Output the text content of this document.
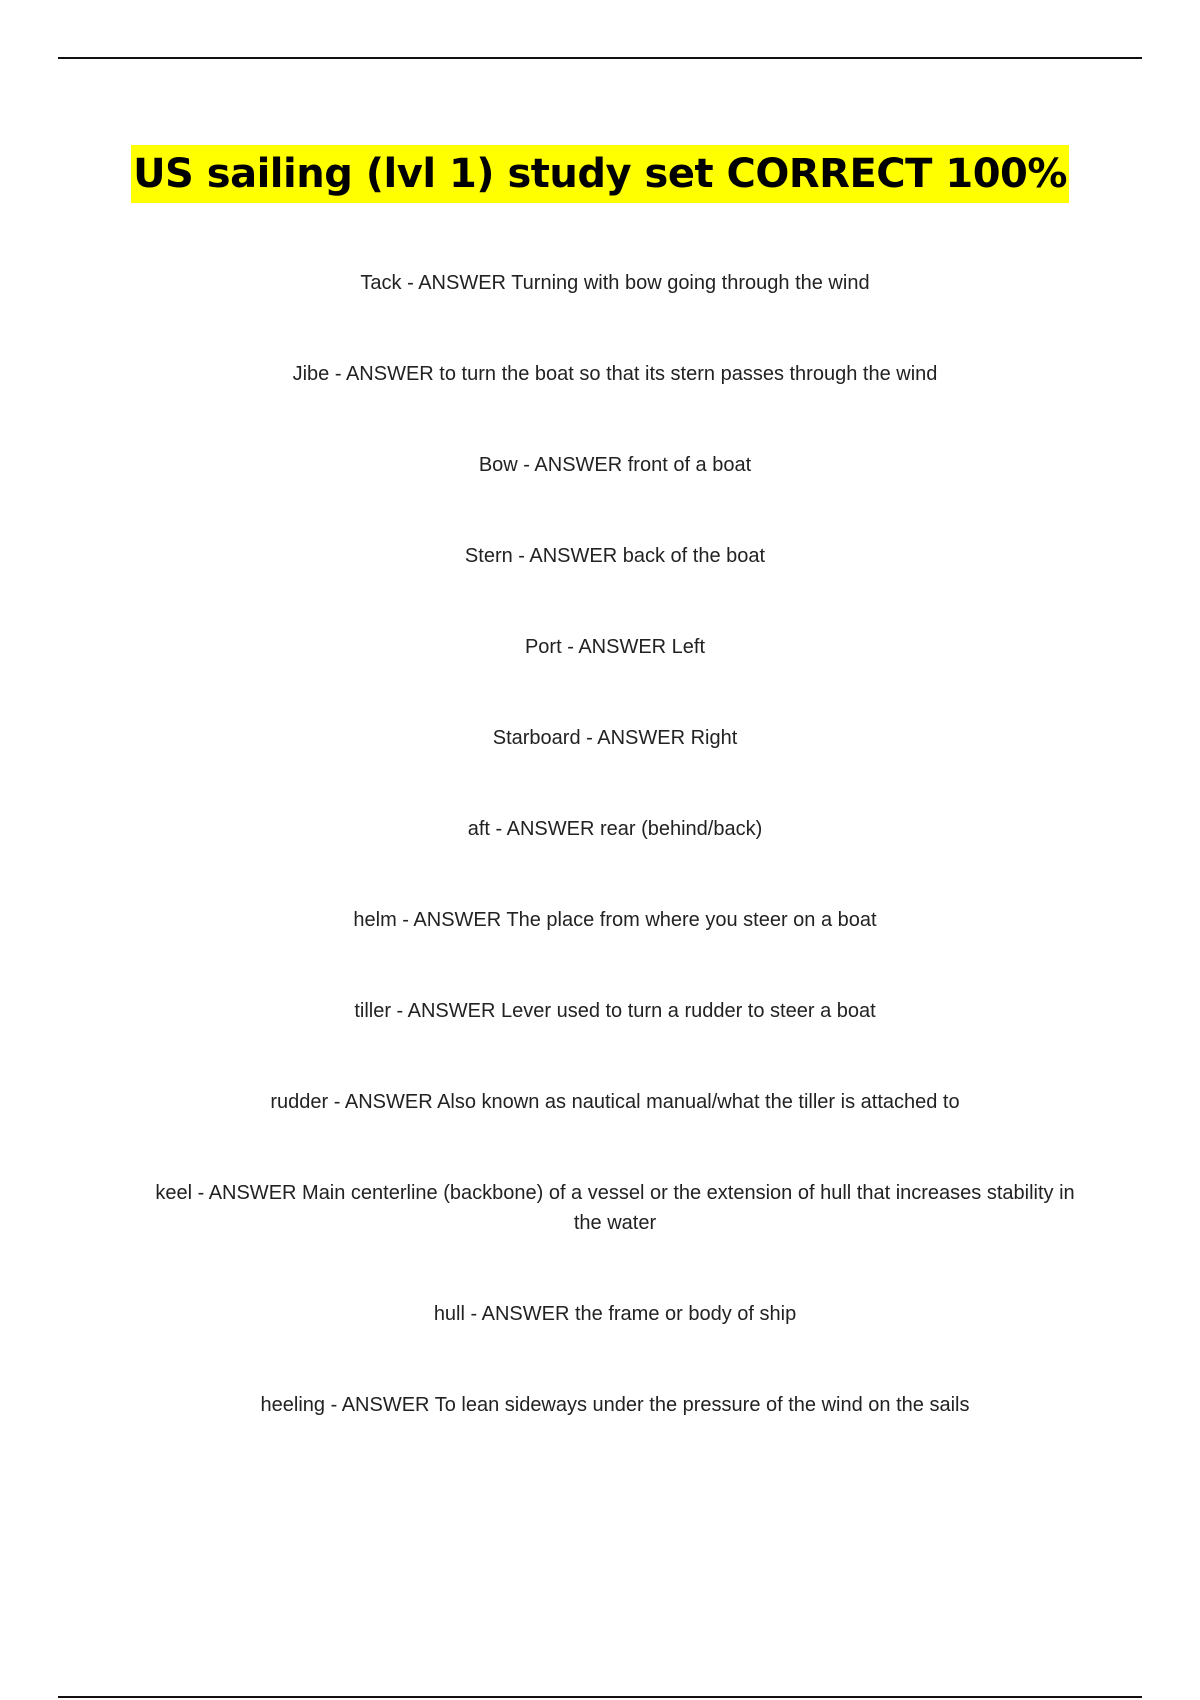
US sailing (lvl 1) study set CORRECT 100%
Tack - ANSWER Turning with bow going through the wind
Jibe - ANSWER to turn the boat so that its stern passes through the wind
Bow - ANSWER front of a boat
Stern - ANSWER back of the boat
Port - ANSWER Left
Starboard - ANSWER Right
aft - ANSWER rear (behind/back)
helm - ANSWER The place from where you steer on a boat
tiller - ANSWER Lever used to turn a rudder to steer a boat
rudder - ANSWER Also known as nautical manual/what the tiller is attached to
keel - ANSWER Main centerline (backbone) of a vessel or the extension of hull that increases stability in the water
hull - ANSWER the frame or body of ship
heeling - ANSWER To lean sideways under the pressure of the wind on the sails
